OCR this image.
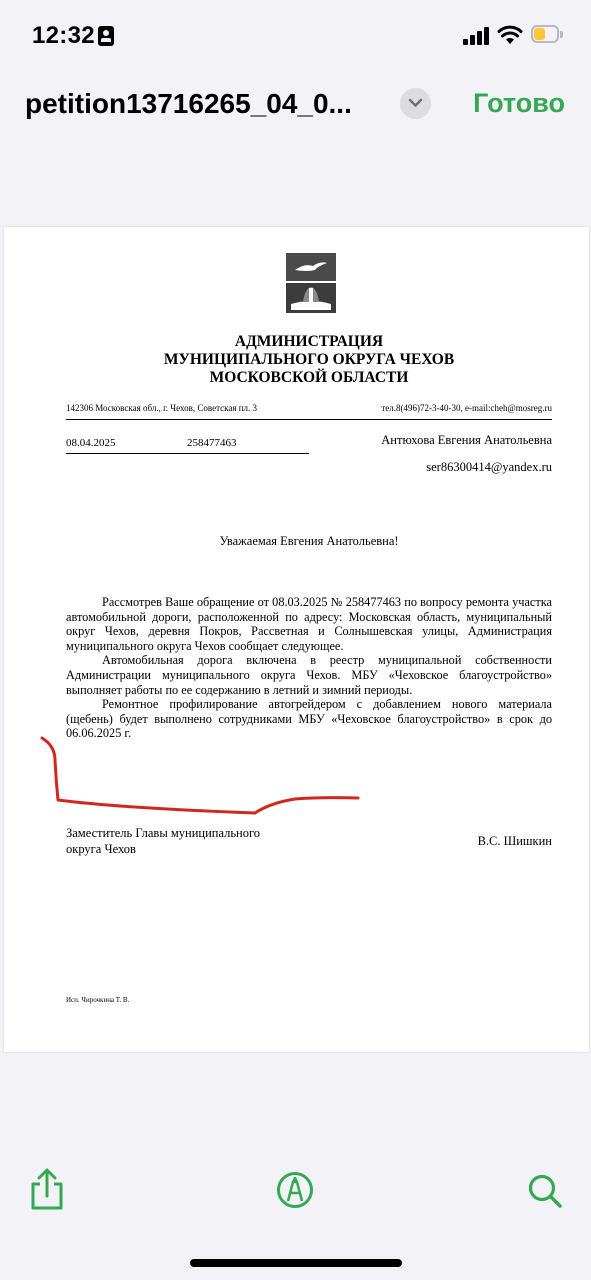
12:32
petition13716265_04_0...	Готово
АДМИНИСТРАЦИЯ
МУНИЦИПАЛЬНОГО ОКРУГА ЧЕХОВ
МОСКОВСКОЙ ОБЛАСТИ
142306 Московская обл., г. Чехов, Советская пл. 3	тел.8(496)72-3-40-30, e-mail:cheh@mosreg.ru
08.04.2025	258477463	Антюхова Евгения Анатольевна
ser86300414@yandex.ru
Уважаемая Евгения Анатольевна!

Рассмотрев Ваше обращение от 08.03.2025 № 258477463 по вопросу ремонта участка автомобильной дороги, расположенной по адресу: Московская область, муниципальный округ Чехов, деревня Покров, Рассветная и Солнышевская улицы, Администрация муниципального округа Чехов сообщает следующее.

Автомобильная дорога включена в реестр муниципальной собственности Администрации муниципального округа Чехов. МБУ «Чеховское благоустройство» выполняет работы по ее содержанию в летний и зимний периоды.

Ремонтное профилирование автогрейдером с добавлением нового материала (щебень) будет выполнено сотрудниками МБУ «Чеховское благоустройство» в срок до 06.06.2025 г.

Заместитель Главы муниципального
округа Чехов
В.С. Шишкин
Исп. Чирочкина Т. В.
